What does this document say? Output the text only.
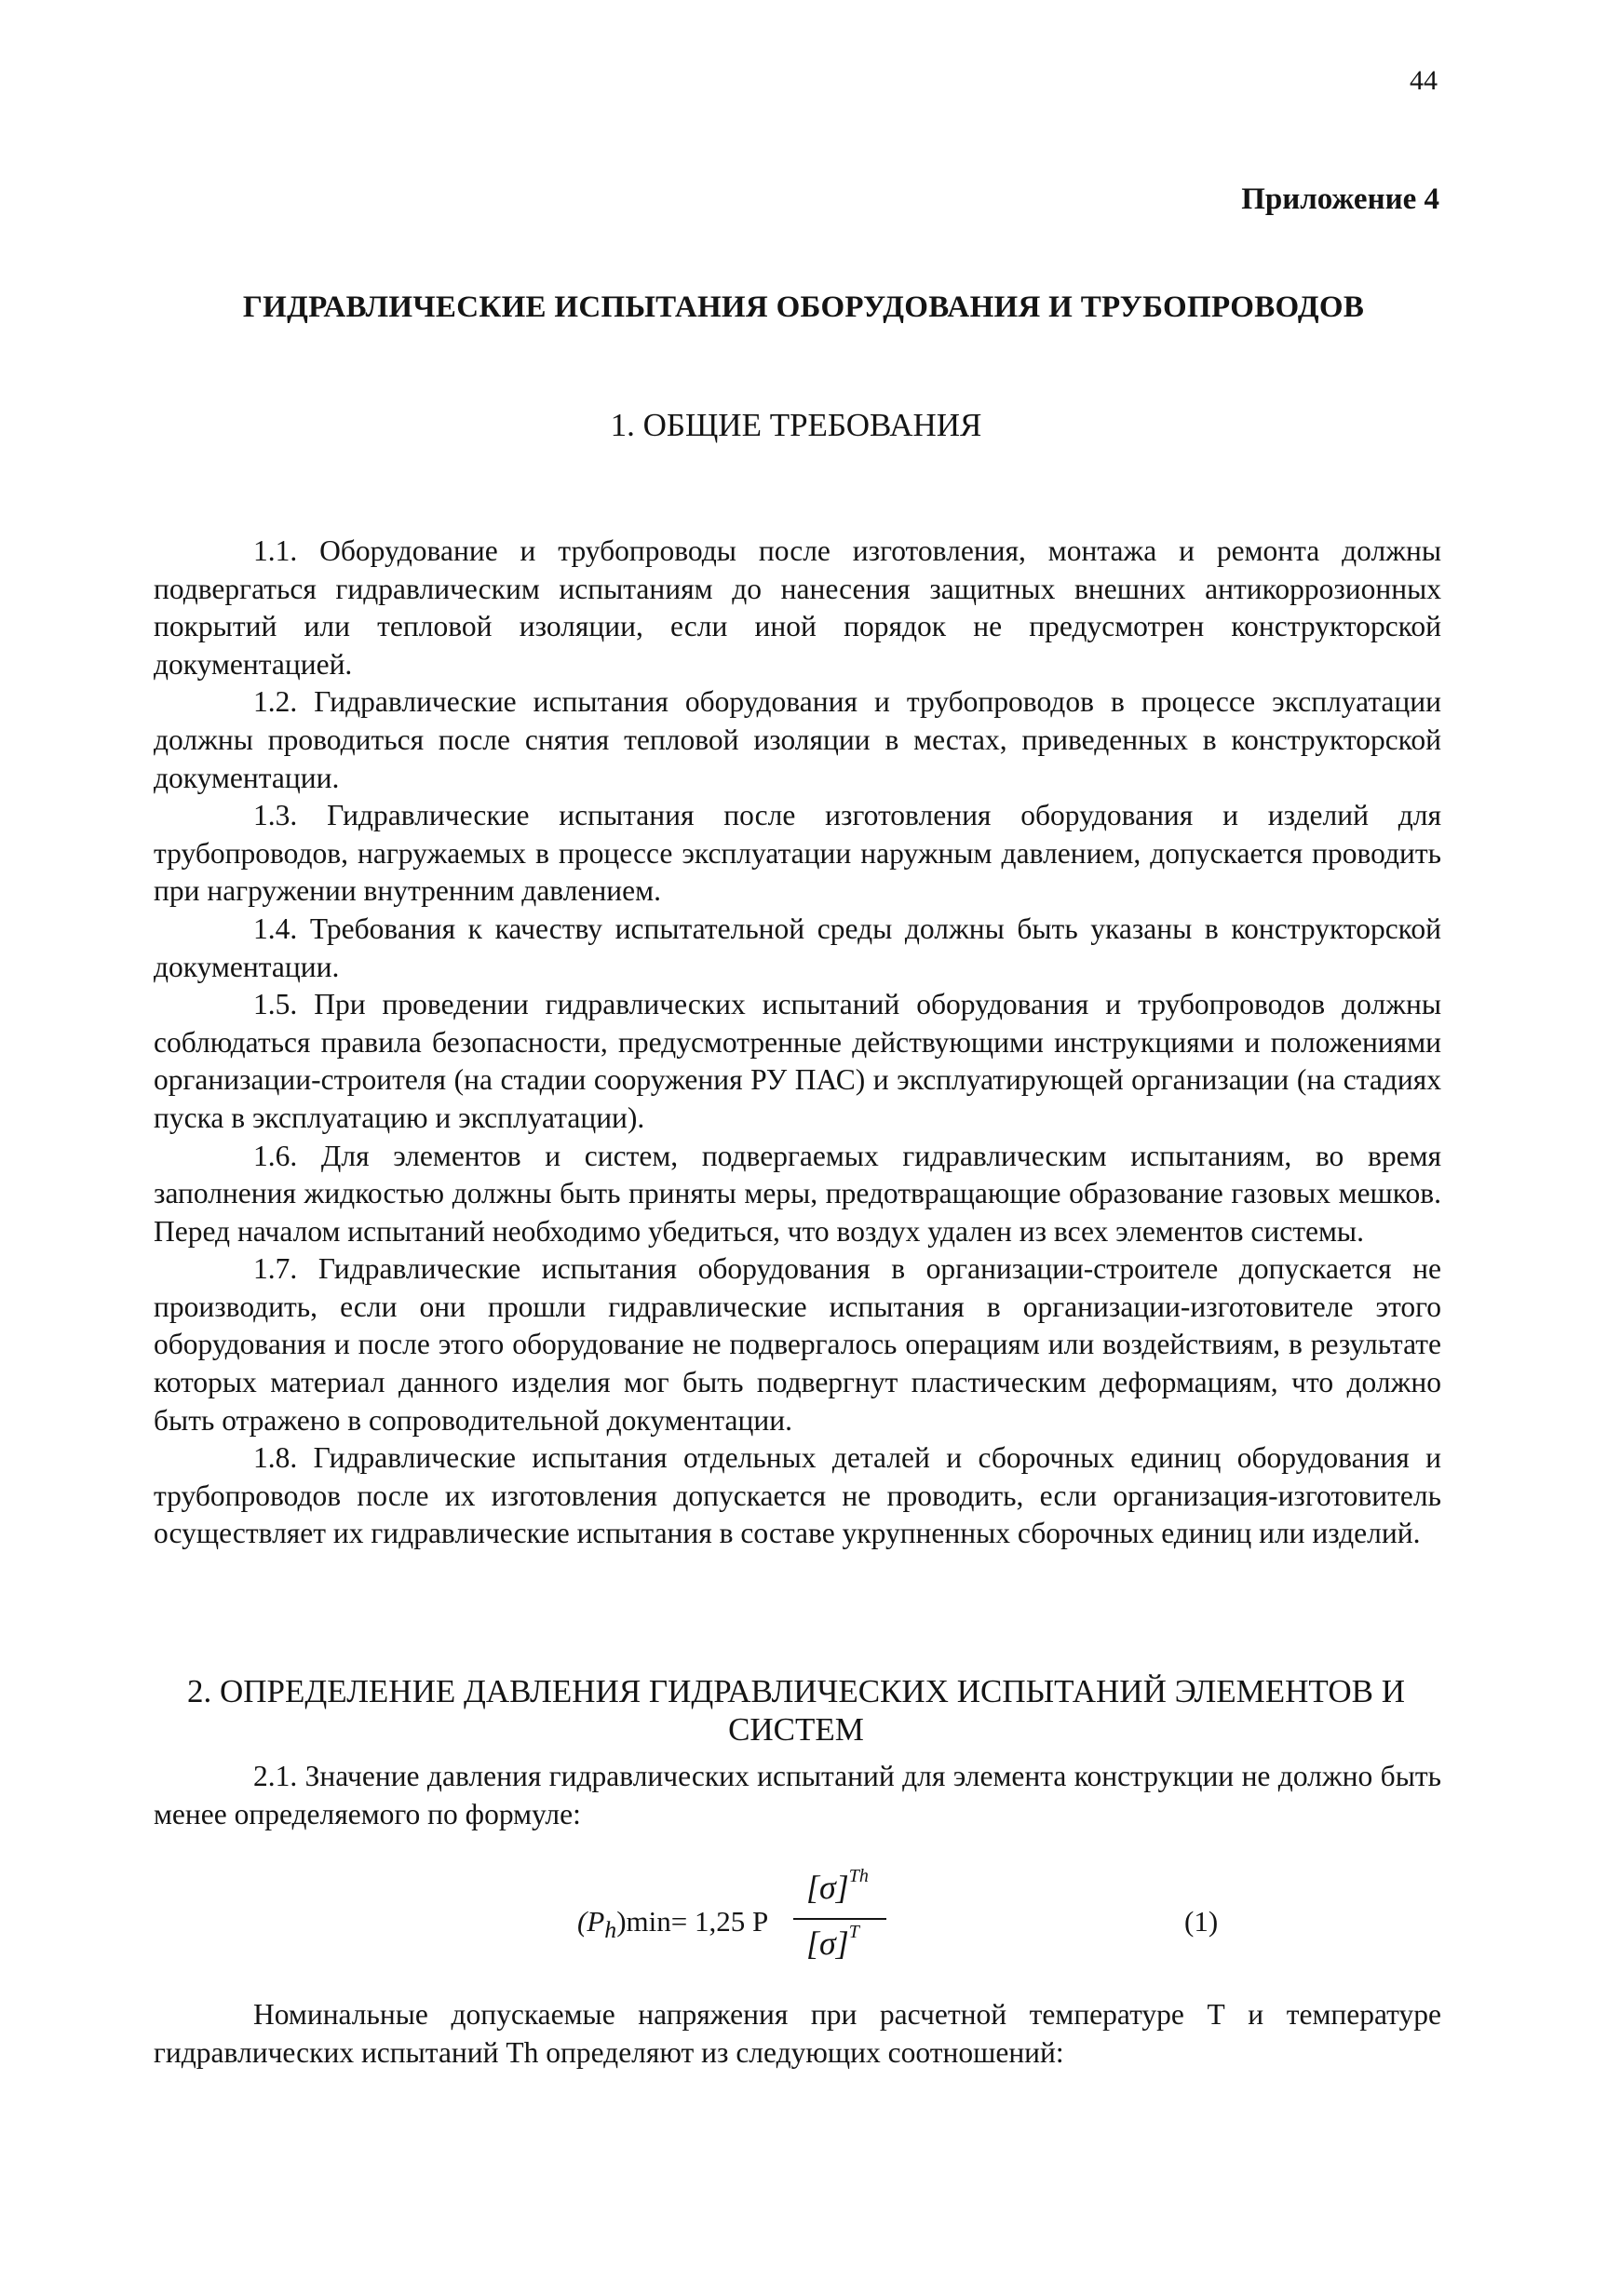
44
Приложение 4
ГИДРАВЛИЧЕСКИЕ ИСПЫТАНИЯ ОБОРУДОВАНИЯ И ТРУБОПРОВОДОВ
1. ОБЩИЕ ТРЕБОВАНИЯ

1.1. Оборудование и трубопроводы после изготовления, монтажа и ремонта должны подвергаться гидравлическим испытаниям до нанесения защитных внешних антикоррозионных покрытий или тепловой изоляции, если иной порядок не предусмотрен конструкторской документацией.

1.2. Гидравлические испытания оборудования и трубопроводов в процессе эксплуатации должны проводиться после снятия тепловой изоляции в местах, приведенных в конструкторской документации.

1.3. Гидравлические испытания после изготовления оборудования и изделий для трубопроводов, нагружаемых в процессе эксплуатации наружным давлением, допускается проводить при нагружении внутренним давлением.

1.4. Требования к качеству испытательной среды должны быть указаны в конструкторской документации.

1.5. При проведении гидравлических испытаний оборудования и трубопроводов должны соблюдаться правила безопасности, предусмотренные действующими инструкциями и положениями организации-строителя (на стадии сооружения РУ ПАС) и эксплуатирующей организации (на стадиях пуска в эксплуатацию и эксплуатации).

1.6. Для элементов и систем, подвергаемых гидравлическим испытаниям, во время заполнения жидкостью должны быть приняты меры, предотвращающие образование газовых мешков. Перед началом испытаний необходимо убедиться, что воздух удален из всех элементов системы.

1.7. Гидравлические испытания оборудования в организации-строителе допускается не производить, если они прошли гидравлические испытания в организации-изготовителе этого оборудования и после этого оборудование не подвергалось операциям или воздействиям, в результате которых материал данного изделия мог быть подвергнут пластическим деформациям, что должно быть отражено в сопроводительной документации.

1.8. Гидравлические испытания отдельных деталей и сборочных единиц оборудования и трубопроводов после их изготовления допускается не проводить, если организация-изготовитель осуществляет их гидравлические испытания в составе укрупненных сборочных единиц или изделий.

2. ОПРЕДЕЛЕНИЕ ДАВЛЕНИЯ ГИДРАВЛИЧЕСКИХ ИСПЫТАНИЙ ЭЛЕМЕНТОВ И СИСТЕМ

2.1. Значение давления гидравлических испытаний для элемента конструкции не должно быть менее определяемого по формуле:

$(P_h)\min= 1,25$ P
$[\sigma]^{Th}$
$[\sigma]^T$	(1)

Номинальные допускаемые напряжения при расчетной температуре Т и температуре гидравлических испытаний Тh определяют из следующих соотношений:
